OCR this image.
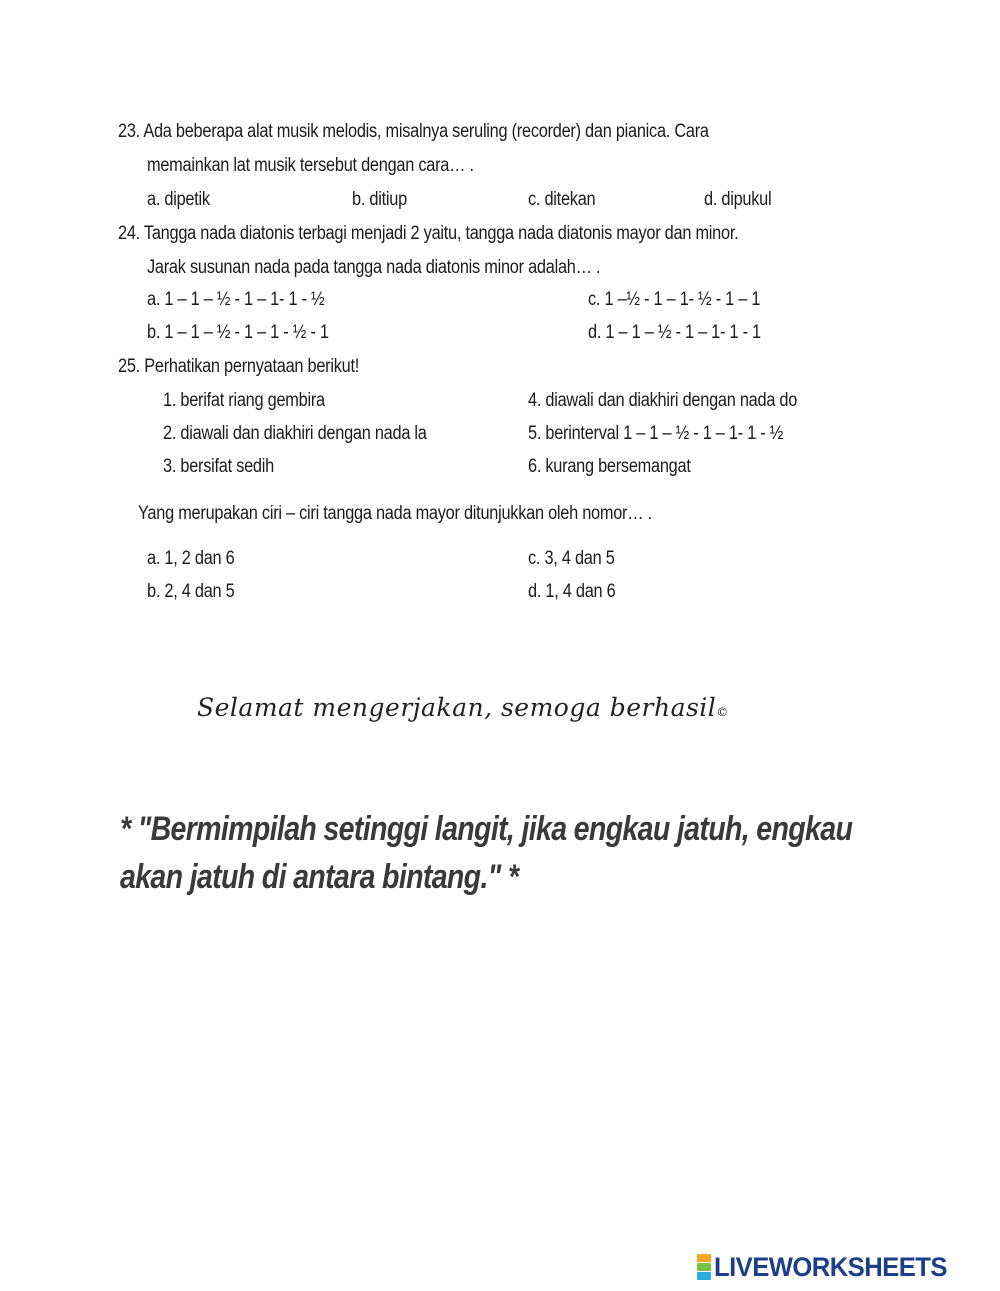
23. Ada beberapa alat musik melodis, misalnya seruling (recorder) dan pianica. Cara
memainkan lat musik tersebut dengan cara… .
a. dipetik	b. ditiup	c. ditekan	d. dipukul
24. Tangga nada diatonis terbagi menjadi 2 yaitu, tangga nada diatonis mayor dan minor.
Jarak susunan nada pada tangga nada diatonis minor adalah… .
a. 1 – 1 – ½ - 1 – 1- 1 - ½	c. 1 –½ - 1 – 1- ½ - 1 – 1
b. 1 – 1 – ½ - 1 – 1 - ½ - 1	d. 1 – 1 – ½ - 1 – 1- 1 - 1
25. Perhatikan pernyataan berikut!
1. berifat riang gembira	4. diawali dan diakhiri dengan nada do
2. diawali dan diakhiri dengan nada la	5. berinterval 1 – 1 – ½ - 1 – 1- 1 - ½
3. bersifat sedih	6. kurang bersemangat
Yang merupakan ciri – ciri tangga nada mayor ditunjukkan oleh nomor… .
a. 1, 2 dan 6	c. 3, 4 dan 5
b. 2, 4 dan 5	d. 1, 4 dan 6
Selamat mengerjakan, semoga berhasil©
* "Bermimpilah setinggi langit, jika engkau jatuh, engkau
akan jatuh di antara bintang." *
LIVEWORKSHEETS
